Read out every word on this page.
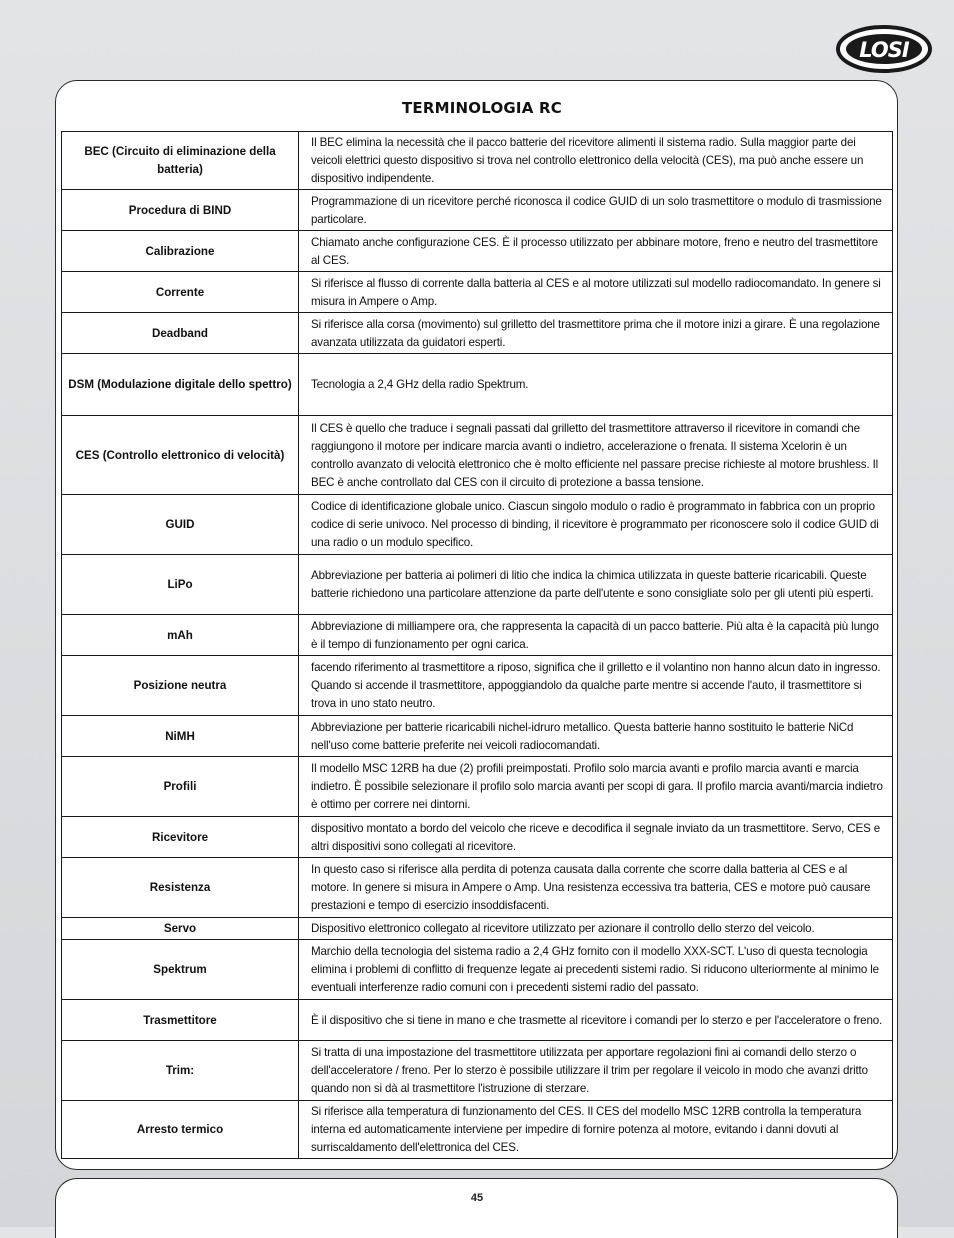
LOSI
TERMINOLOGIA RC
BEC (Circuito di eliminazione della batteria)	Il BEC elimina la necessità che il pacco batterie del ricevitore alimenti il sistema radio. Sulla maggior parte dei veicoli elettrici questo dispositivo si trova nel controllo elettronico della velocità (CES), ma può anche essere un dispositivo indipendente.
Procedura di BIND	Programmazione di un ricevitore perché riconosca il codice GUID di un solo trasmettitore o modulo di trasmissione particolare.
Calibrazione	Chiamato anche configurazione CES. È il processo utilizzato per abbinare motore, freno e neutro del trasmettitore al CES.
Corrente	Si riferisce al flusso di corrente dalla batteria al CES e al motore utilizzati sul modello radiocomandato. In genere si misura in Ampere o Amp.
Deadband	Si riferisce alla corsa (movimento) sul grilletto del trasmettitore prima che il motore inizi a girare. È una regolazione avanzata utilizzata da guidatori esperti.
DSM (Modulazione digitale dello spettro)	Tecnologia a 2,4 GHz della radio Spektrum.
CES (Controllo elettronico di velocità)	Il CES è quello che traduce i segnali passati dal grilletto del trasmettitore attraverso il ricevitore in comandi che raggiungono il motore per indicare marcia avanti o indietro, accelerazione o frenata. Il sistema Xcelorin è un controllo avanzato di velocità elettronico che è molto efficiente nel passare precise richieste al motore brushless. Il BEC è anche controllato dal CES con il circuito di protezione a bassa tensione.
GUID	Codice di identificazione globale unico. Ciascun singolo modulo o radio è programmato in fabbrica con un proprio codice di serie univoco. Nel processo di binding, il ricevitore è programmato per riconoscere solo il codice GUID di una radio o un modulo specifico.
LiPo	Abbreviazione per batteria ai polimeri di litio che indica la chimica utilizzata in queste batterie ricaricabili. Queste batterie richiedono una particolare attenzione da parte dell'utente e sono consigliate solo per gli utenti più esperti.
mAh	Abbreviazione di milliampere ora, che rappresenta la capacità di un pacco batterie. Più alta è la capacità più lungo è il tempo di funzionamento per ogni carica.
Posizione neutra	facendo riferimento al trasmettitore a riposo, significa che il grilletto e il volantino non hanno alcun dato in ingresso. Quando si accende il trasmettitore, appoggiandolo da qualche parte mentre si accende l'auto, il trasmettitore si trova in uno stato neutro.
NiMH	Abbreviazione per batterie ricaricabili nichel-idruro metallico. Questa batterie hanno sostituito le batterie NiCd nell'uso come batterie preferite nei veicoli radiocomandati.
Profili	Il modello MSC 12RB ha due (2) profili preimpostati. Profilo solo marcia avanti e profilo marcia avanti e marcia indietro. È possibile selezionare il profilo solo marcia avanti per scopi di gara. Il profilo marcia avanti/marcia indietro è ottimo per correre nei dintorni.
Ricevitore	dispositivo montato a bordo del veicolo che riceve e decodifica il segnale inviato da un trasmettitore. Servo, CES e altri dispositivi sono collegati al ricevitore.
Resistenza	In questo caso si riferisce alla perdita di potenza causata dalla corrente che scorre dalla batteria al CES e al motore. In genere si misura in Ampere o Amp. Una resistenza eccessiva tra batteria, CES e motore può causare prestazioni e tempo di esercizio insoddisfacenti.
Servo	Dispositivo elettronico collegato al ricevitore utilizzato per azionare il controllo dello sterzo del veicolo.
Spektrum	Marchio della tecnologia del sistema radio a 2,4 GHz fornito con il modello XXX-SCT. L'uso di questa tecnologia elimina i problemi di conflitto di frequenze legate ai precedenti sistemi radio. Si riducono ulteriormente al minimo le eventuali interferenze radio comuni con i precedenti sistemi radio del passato.
Trasmettitore	È il dispositivo che si tiene in mano e che trasmette al ricevitore i comandi per lo sterzo e per l'acceleratore o freno.
Trim:	Si tratta di una impostazione del trasmettitore utilizzata per apportare regolazioni fini ai comandi dello sterzo o dell'acceleratore / freno. Per lo sterzo è possibile utilizzare il trim per regolare il veicolo in modo che avanzi dritto quando non si dà al trasmettitore l'istruzione di sterzare.
Arresto termico	Si riferisce alla temperatura di funzionamento del CES. Il CES del modello MSC 12RB controlla la temperatura interna ed automaticamente interviene per impedire di fornire potenza al motore, evitando i danni dovuti al surriscaldamento dell'elettronica del CES.
45
